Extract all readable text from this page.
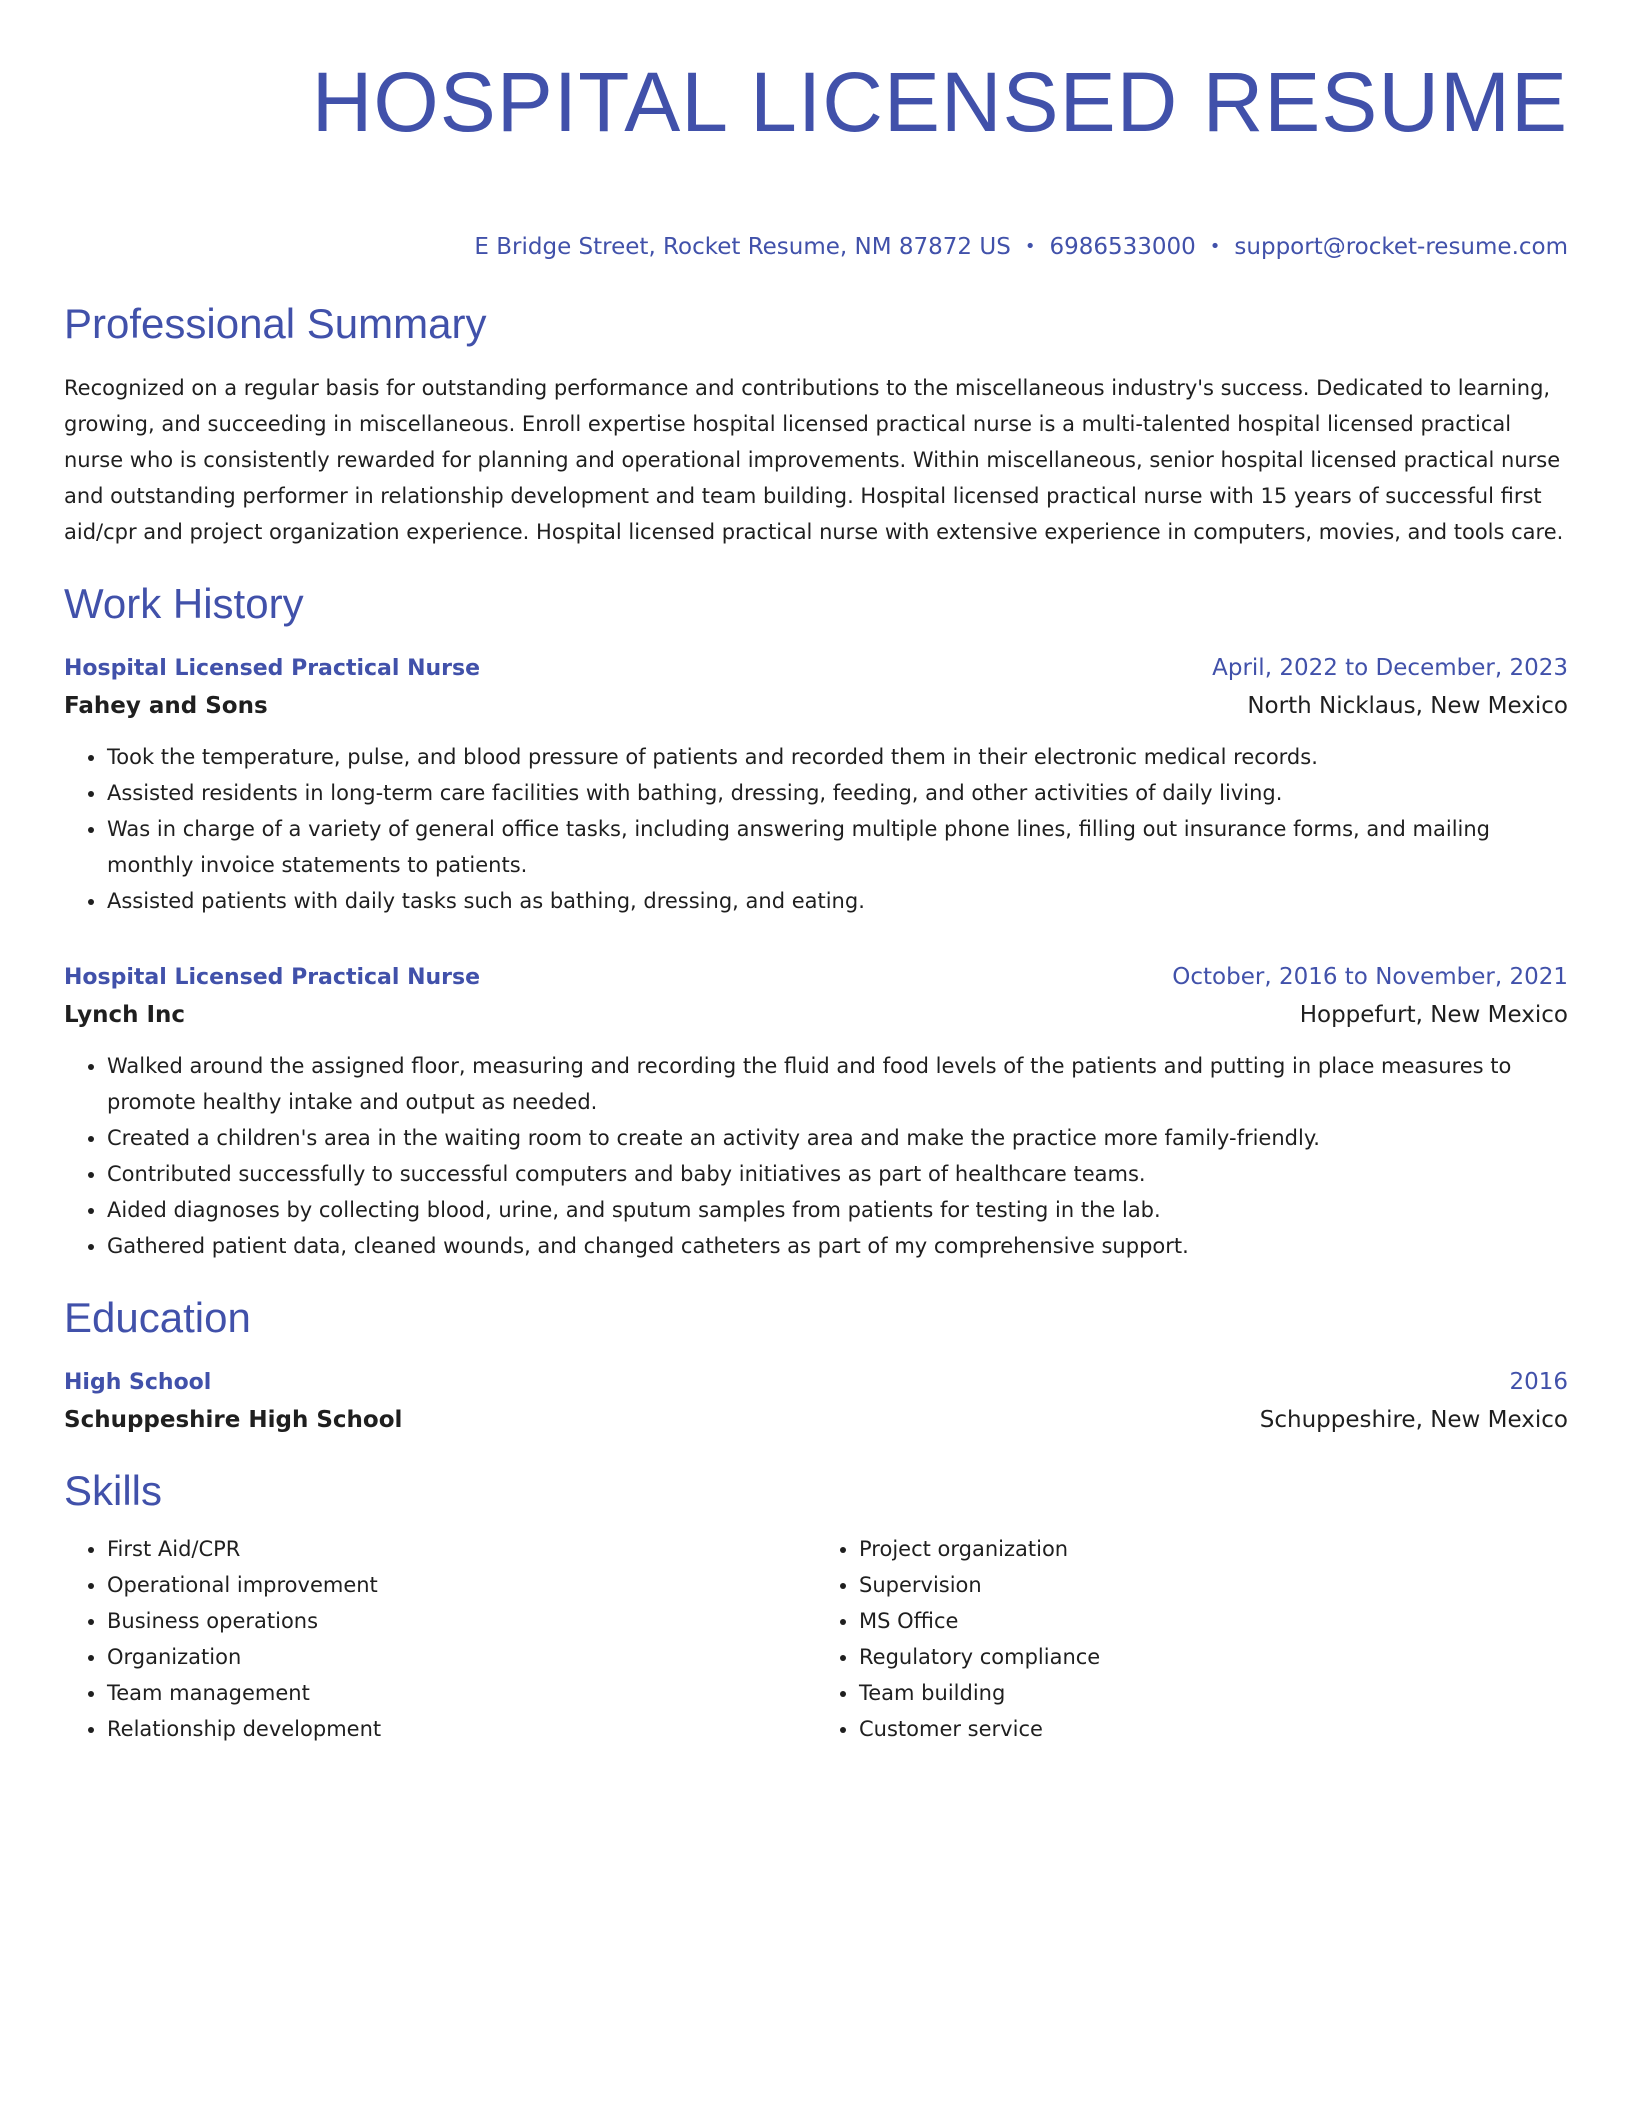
HOSPITAL LICENSED RESUME
E Bridge Street, Rocket Resume, NM 87872 US • 6986533000 • support@rocket-resume.com
Professional Summary

Recognized on a regular basis for outstanding performance and contributions to the miscellaneous industry's success. Dedicated to learning, growing, and succeeding in miscellaneous. Enroll expertise hospital licensed practical nurse is a multi-talented hospital licensed practical nurse who is consistently rewarded for planning and operational improvements. Within miscellaneous, senior hospital licensed practical nurse and outstanding performer in relationship development and team building. Hospital licensed practical nurse with 15 years of successful first aid/cpr and project organization experience. Hospital licensed practical nurse with extensive experience in computers, movies, and tools care.

Work History
Hospital Licensed Practical Nurse	April, 2022 to December, 2023
Fahey and Sons	North Nicklaus, New Mexico
• Took the temperature, pulse, and blood pressure of patients and recorded them in their electronic medical records.
• Assisted residents in long-term care facilities with bathing, dressing, feeding, and other activities of daily living.
• Was in charge of a variety of general office tasks, including answering multiple phone lines, filling out insurance forms, and mailing monthly invoice statements to patients.
• Assisted patients with daily tasks such as bathing, dressing, and eating.
Hospital Licensed Practical Nurse	October, 2016 to November, 2021
Lynch Inc	Hoppefurt, New Mexico
• Walked around the assigned floor, measuring and recording the fluid and food levels of the patients and putting in place measures to promote healthy intake and output as needed.
• Created a children's area in the waiting room to create an activity area and make the practice more family-friendly.
• Contributed successfully to successful computers and baby initiatives as part of healthcare teams.
• Aided diagnoses by collecting blood, urine, and sputum samples from patients for testing in the lab.
• Gathered patient data, cleaned wounds, and changed catheters as part of my comprehensive support.
Education
High School	2016
Schuppeshire High School	Schuppeshire, New Mexico
Skills
• First Aid/CPR
• Operational improvement
• Business operations
• Organization
• Team management
• Relationship development
• Project organization
• Supervision
• MS Office
• Regulatory compliance
• Team building
• Customer service
